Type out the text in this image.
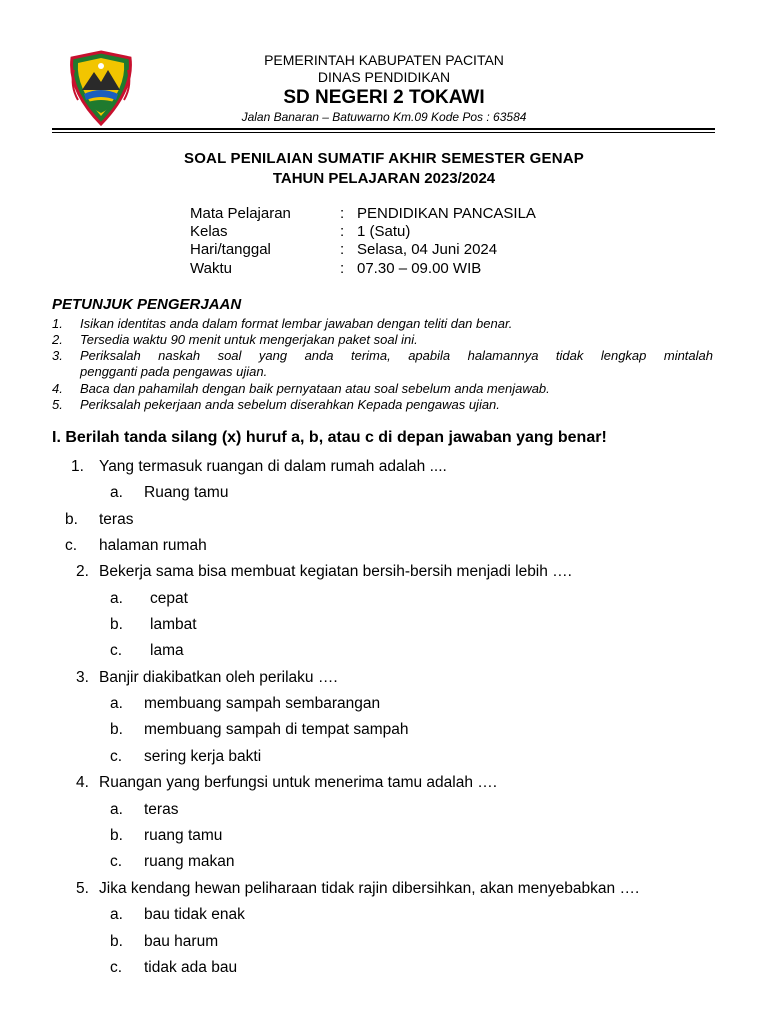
PEMERINTAH KABUPATEN PACITAN
DINAS PENDIDIKAN
SD NEGERI 2 TOKAWI
Jalan Banaran – Batuwarno Km.09 Kode Pos : 63584
SOAL PENILAIAN SUMATIF AKHIR SEMESTER GENAP
TAHUN PELAJARAN 2023/2024
Mata Pelajaran	: PENDIDIKAN PANCASILA
Kelas	: 1 (Satu)
Hari/tanggal	: Selasa, 04 Juni 2024
Waktu	: 07.30 – 09.00 WIB
PETUNJUK PENGERJAAN
1. Isikan identitas anda dalam format lembar jawaban dengan teliti dan benar.
2. Tersedia waktu 90 menit untuk mengerjakan paket soal ini.
3. Periksalah naskah soal yang anda terima, apabila halamannya tidak lengkap mintalah
pengganti pada pengawas ujian.
4. Baca dan pahamilah dengan baik pernyataan atau soal sebelum anda menjawab.
5. Periksalah pekerjaan anda sebelum diserahkan Kepada pengawas ujian.
I. Berilah tanda silang (x) huruf a, b, atau c di depan jawaban yang benar!
1. Yang termasuk ruangan di dalam rumah adalah ....
a. Ruang tamu
b. teras
c. halaman rumah
2. Bekerja sama bisa membuat kegiatan bersih-bersih menjadi lebih ….
a. cepat
b. lambat
c. lama
3. Banjir diakibatkan oleh perilaku ….
a. membuang sampah sembarangan
b. membuang sampah di tempat sampah
c. sering kerja bakti
4. Ruangan yang berfungsi untuk menerima tamu adalah ….
a. teras
b. ruang tamu
c. ruang makan
5. Jika kendang hewan peliharaan tidak rajin dibersihkan, akan menyebabkan ….
a. bau tidak enak
b. bau harum
c. tidak ada bau
